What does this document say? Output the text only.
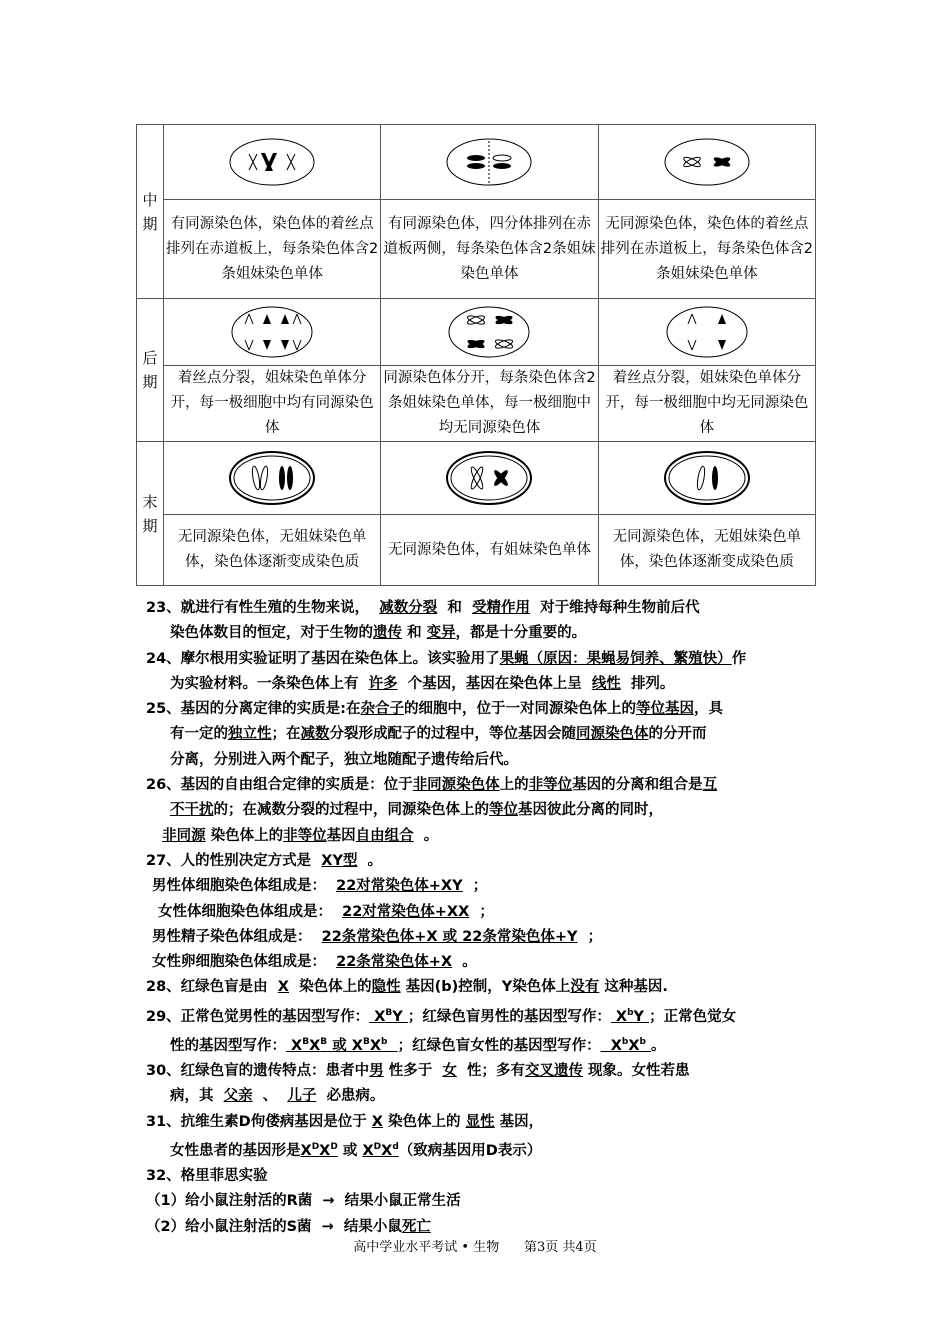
中期	

	有同源染色体，染色体的着丝点排列在赤道板上，每条染色体含2条姐妹染色单体	有同源染色体，四分体排列在赤道板两侧，每条染色体含2条姐妹染色单体	无同源染色体，染色体的着丝点排列在赤道板上，每条染色体含2条姐妹染色单体
后期	

	着丝点分裂，姐妹染色单体分开，每一极细胞中均有同源染色体	同源染色体分开，每条染色体含2条姐妹染色单体，每一极细胞中均无同源染色体	着丝点分裂，姐妹染色单体分开，每一极细胞中均无同源染色体
末期	

	无同源染色体，无姐妹染色单体，染色体逐渐变成染色质	无同源染色体，有姐妹染色单体	无同源染色体，无姐妹染色单体，染色体逐渐变成染色质
23、就进行有性生殖的生物来说， 减数分裂 和 受精作用 对于维持每种生物前后代
染色体数目的恒定，对于生物的遗传 和 变异，都是十分重要的。
24、摩尔根用实验证明了基因在染色体上。该实验用了果蝇（原因：果蝇易饲养、繁殖快）作
为实验材料。一条染色体上有 许多 个基因，基因在染色体上呈 线性 排列。
25、基因的分离定律的实质是:在杂合子的细胞中，位于一对同源染色体上的等位基因，具
有一定的独立性；在减数分裂形成配子的过程中，等位基因会随同源染色体的分开而
分离，分别进入两个配子，独立地随配子遗传给后代。
26、基因的自由组合定律的实质是：位于非同源染色体上的非等位基因的分离和组合是互
不干扰的；在减数分裂的过程中，同源染色体上的等位基因彼此分离的同时，
非同源 染色体上的非等位基因自由组合 。
27、人的性别决定方式是 XY型 。
男性体细胞染色体组成是： 22对常染色体+XY ；
女性体细胞染色体组成是： 22对常染色体+XX ；
男性精子染色体组成是： 22条常染色体+X 或 22条常染色体+Y ；
女性卵细胞染色体组成是： 22条常染色体+X 。
28、红绿色盲是由 X 染色体上的隐性 基因(b)控制，Y染色体上没有 这种基因.
29、正常色觉男性的基因型写作： $X^BY$ ；红绿色盲男性的基因型写作： $X^bY$ ；正常色觉女
性的基因型写作： $X^BX^B$ 或 $X^BX^b$ ；红绿色盲女性的基因型写作：  $X^bX^b$ 。
30、红绿色盲的遗传特点：患者中男 性多于 女 性；多有交叉遗传 现象。女性若患
病，其 父亲 、 儿子 必患病。
31、抗维生素D佝偻病基因是位于 X 染色体上的 显性 基因，
女性患者的基因形是$X^DX^D$ 或 $X^DX^d$（致病基因用D表示）
32、格里菲思实验
（1）给小鼠注射活的R菌 → 结果小鼠正常生活
（2）给小鼠注射活的S菌 → 结果小鼠死亡
高中学业水平考试 • 生物 第3页 共4页
